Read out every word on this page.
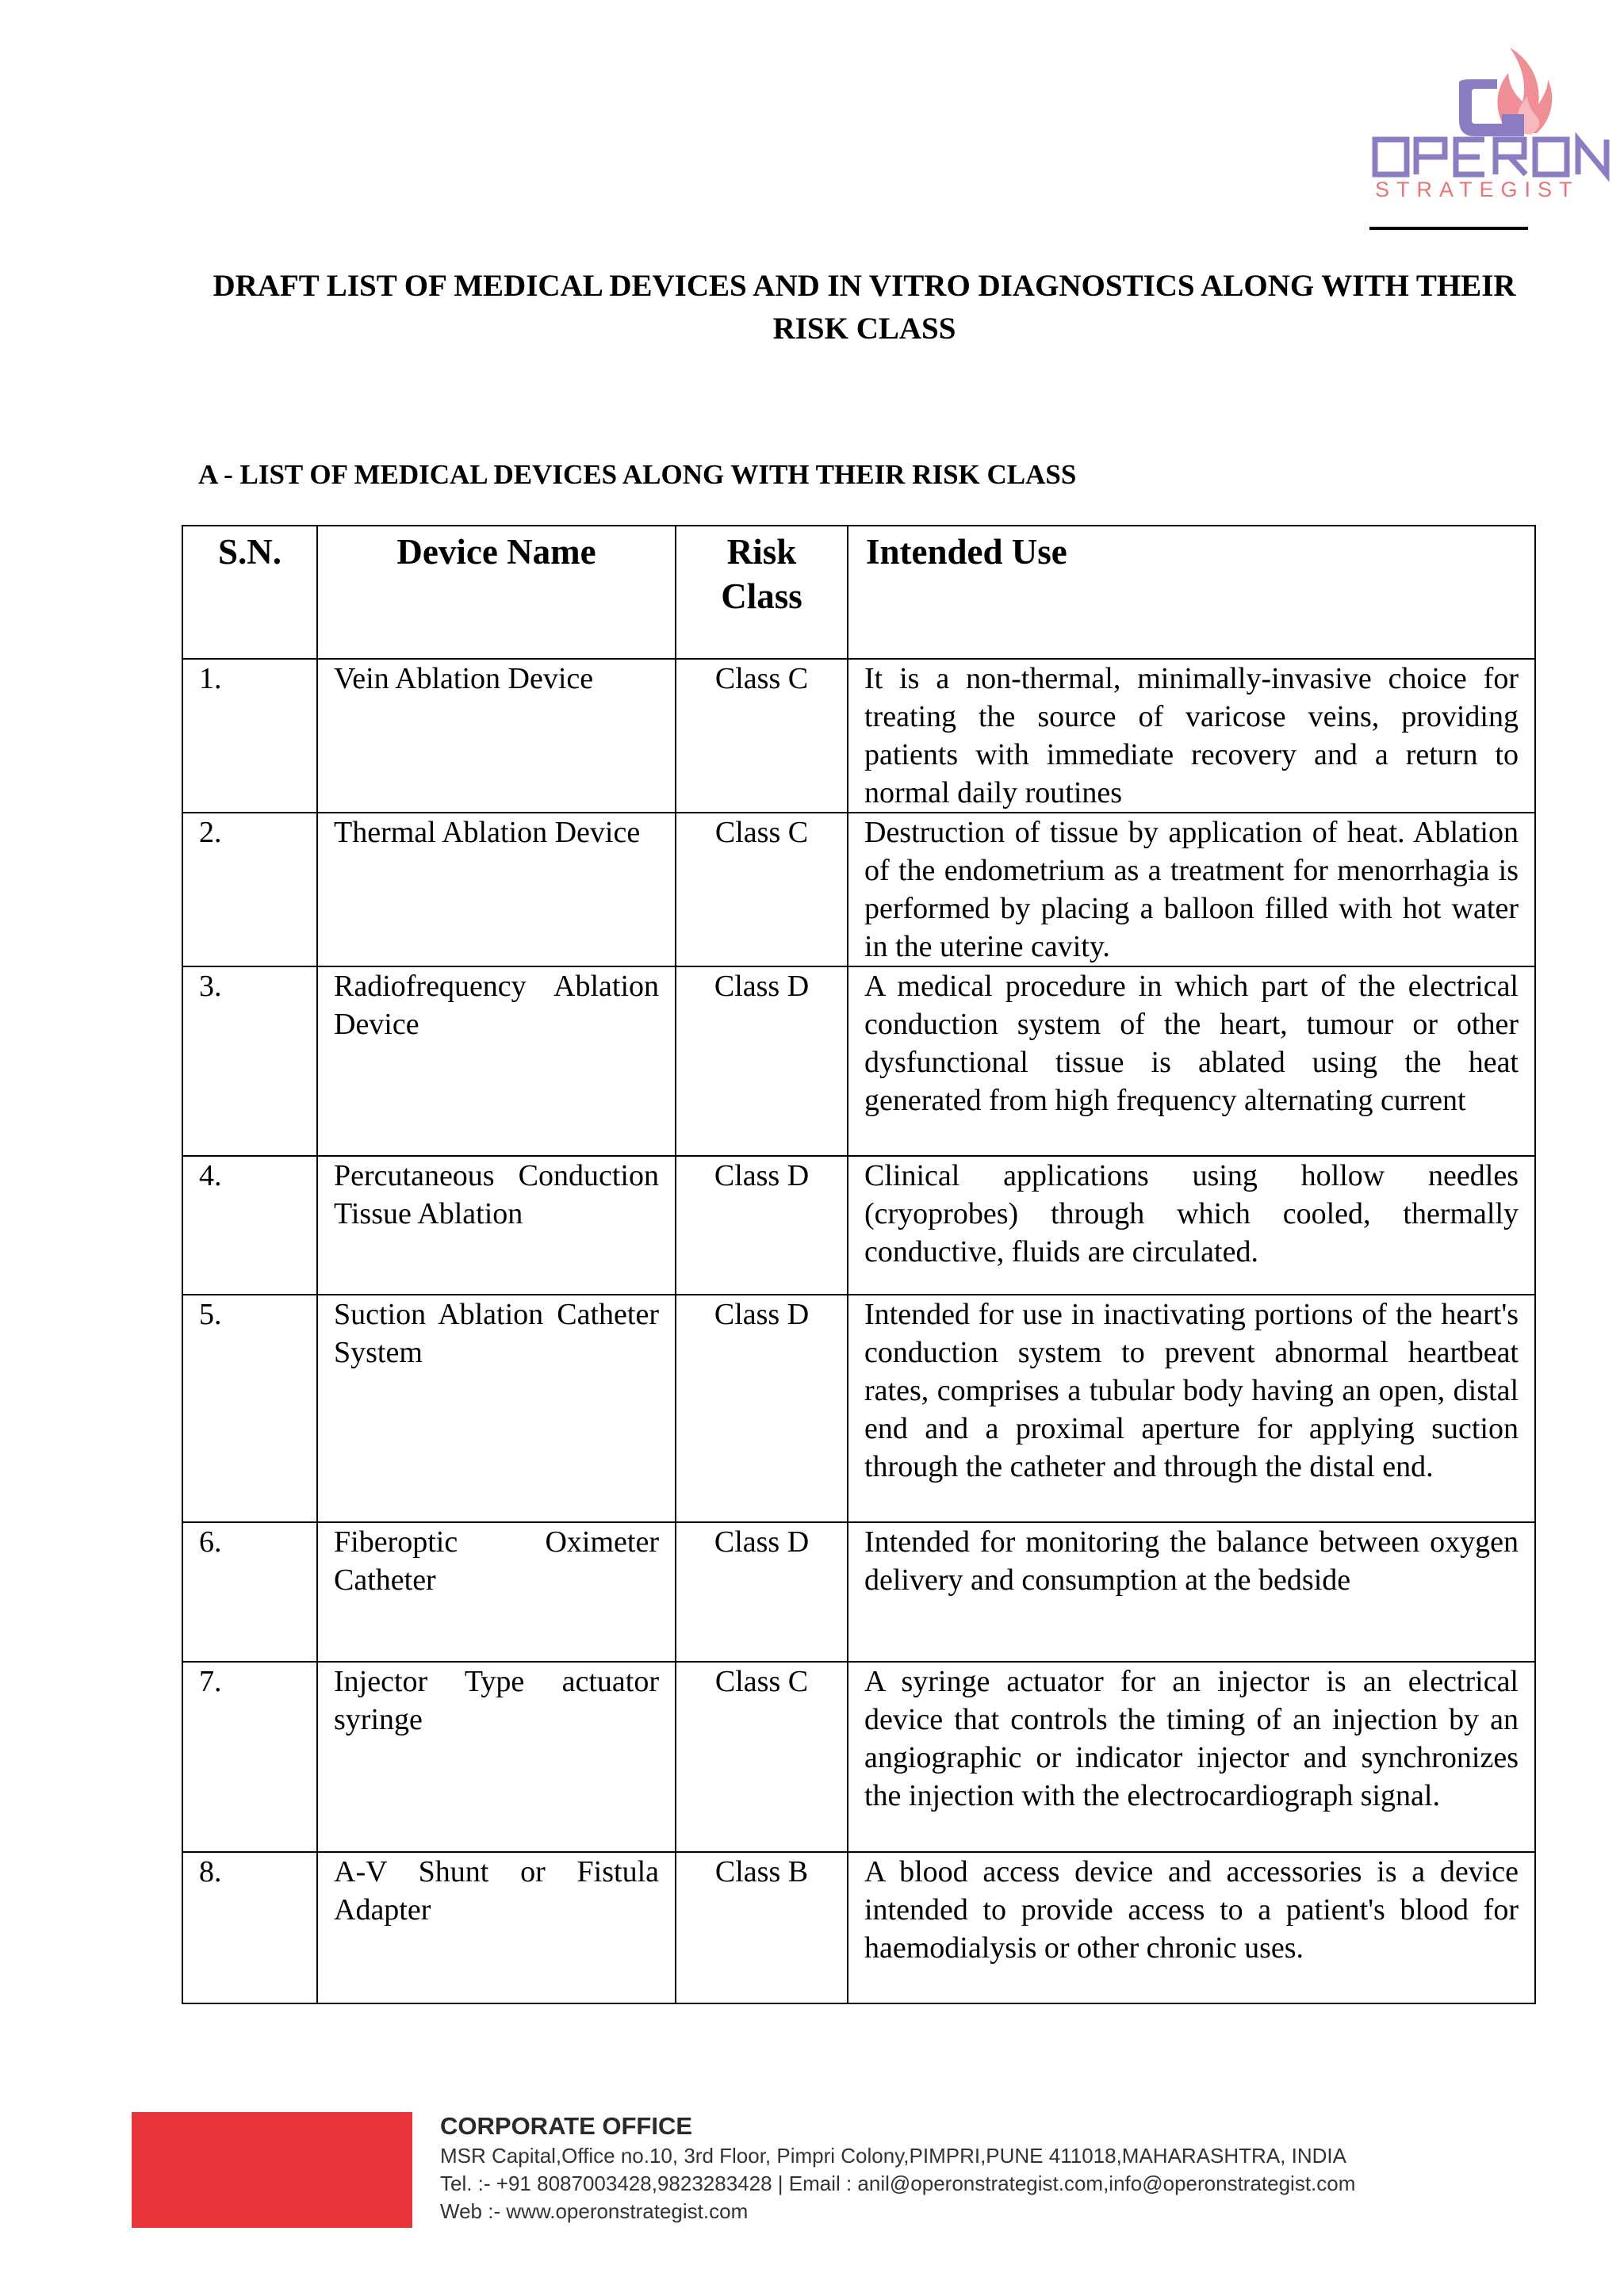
STRATEGIST
DRAFT LIST OF MEDICAL DEVICES AND IN VITRO DIAGNOSTICS ALONG WITH THEIR RISK CLASS
A - LIST OF MEDICAL DEVICES ALONG WITH THEIR RISK CLASS
S.N.	Device Name	Risk Class	Intended Use
1.	Vein Ablation Device	Class C	It is a non-thermal, minimally-invasive choice for treating the source of varicose veins, providing patients with immediate recovery and a return to normal daily routines
2.	Thermal Ablation Device	Class C	Destruction of tissue by application of heat. Ablation of the endometrium as a treatment for menorrhagia is performed by placing a balloon filled with hot water in the uterine cavity.
3.	Radiofrequency Ablation Device	Class D	A medical procedure in which part of the electrical conduction system of the heart, tumour or other dysfunctional tissue is ablated using the heat generated from high frequency alternating current
4.	Percutaneous Conduction Tissue Ablation	Class D	Clinical applications using hollow needles (cryoprobes) through which cooled, thermally conductive, fluids are circulated.
5.	Suction Ablation Catheter System	Class D	Intended for use in inactivating portions of the heart's conduction system to prevent abnormal heartbeat rates, comprises a tubular body having an open, distal end and a proximal aperture for applying suction through the catheter and through the distal end.
6.	Fiberoptic Oximeter Catheter	Class D	Intended for monitoring the balance between oxygen delivery and consumption at the bedside
7.	Injector Type actuator syringe	Class C	A syringe actuator for an injector is an electrical device that controls the timing of an injection by an angiographic or indicator injector and synchronizes the injection with the electrocardiograph signal.
8.	A-V Shunt or Fistula Adapter	Class B	A blood access device and accessories is a device intended to provide access to a patient's blood for haemodialysis or other chronic uses.
CORPORATE OFFICE
MSR Capital,Office no.10, 3rd Floor, Pimpri Colony,PIMPRI,PUNE 411018,MAHARASHTRA, INDIA
Tel. :- +91 8087003428,9823283428 | Email : anil@operonstrategist.com,info@operonstrategist.com
Web :- www.operonstrategist.com
